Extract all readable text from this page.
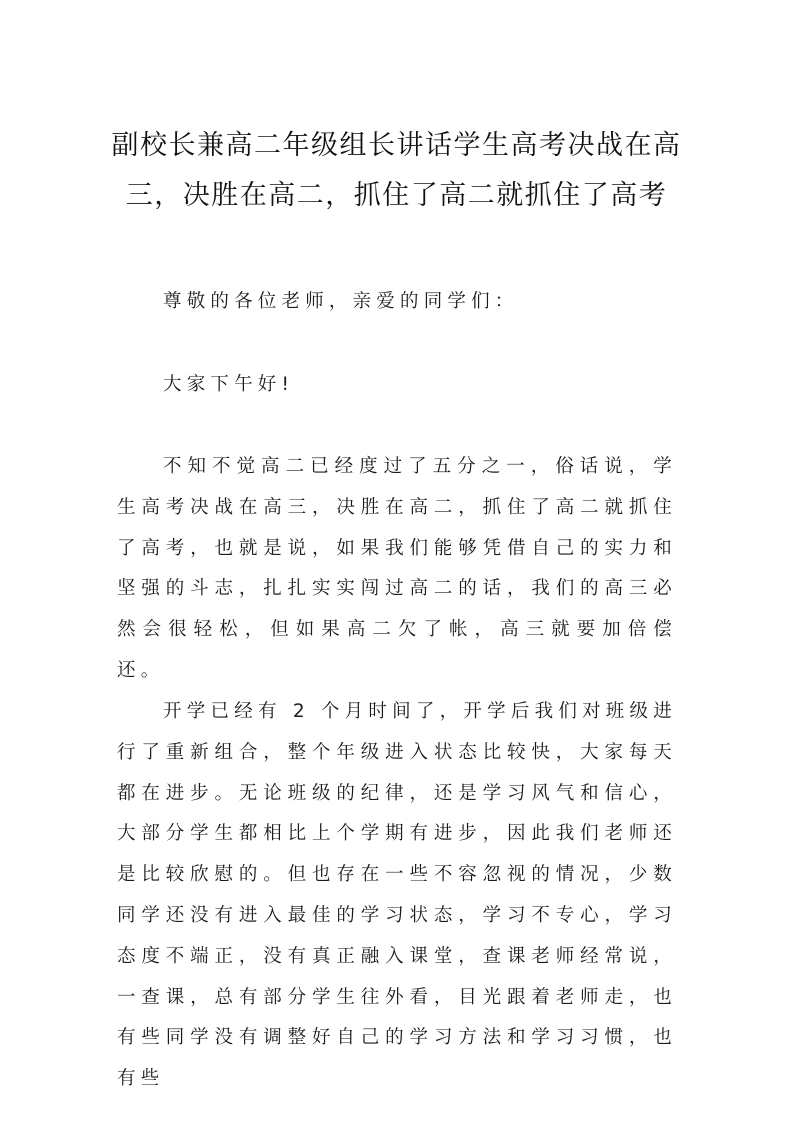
副校长兼高二年级组长讲话学生高考决战在高
三，决胜在高二，抓住了高二就抓住了高考

尊敬的各位老师，亲爱的同学们：

大家下午好!

不知不觉高二已经度过了五分之一，俗话说，学生高考决战在高三，决胜在高二，抓住了高二就抓住了高考，也就是说，如果我们能够凭借自己的实力和坚强的斗志，扎扎实实闯过高二的话，我们的高三必然会很轻松，但如果高二欠了帐，高三就要加倍偿还。

开学已经有 2 个月时间了，开学后我们对班级进行了重新组合，整个年级进入状态比较快，大家每天都在进步。无论班级的纪律，还是学习风气和信心，大部分学生都相比上个学期有进步，因此我们老师还是比较欣慰的。但也存在一些不容忽视的情况，少数同学还没有进入最佳的学习状态，学习不专心，学习态度不端正，没有真正融入课堂，查课老师经常说，一查课，总有部分学生往外看，目光跟着老师走，也有些同学没有调整好自己的学习方法和学习习惯，也有些
